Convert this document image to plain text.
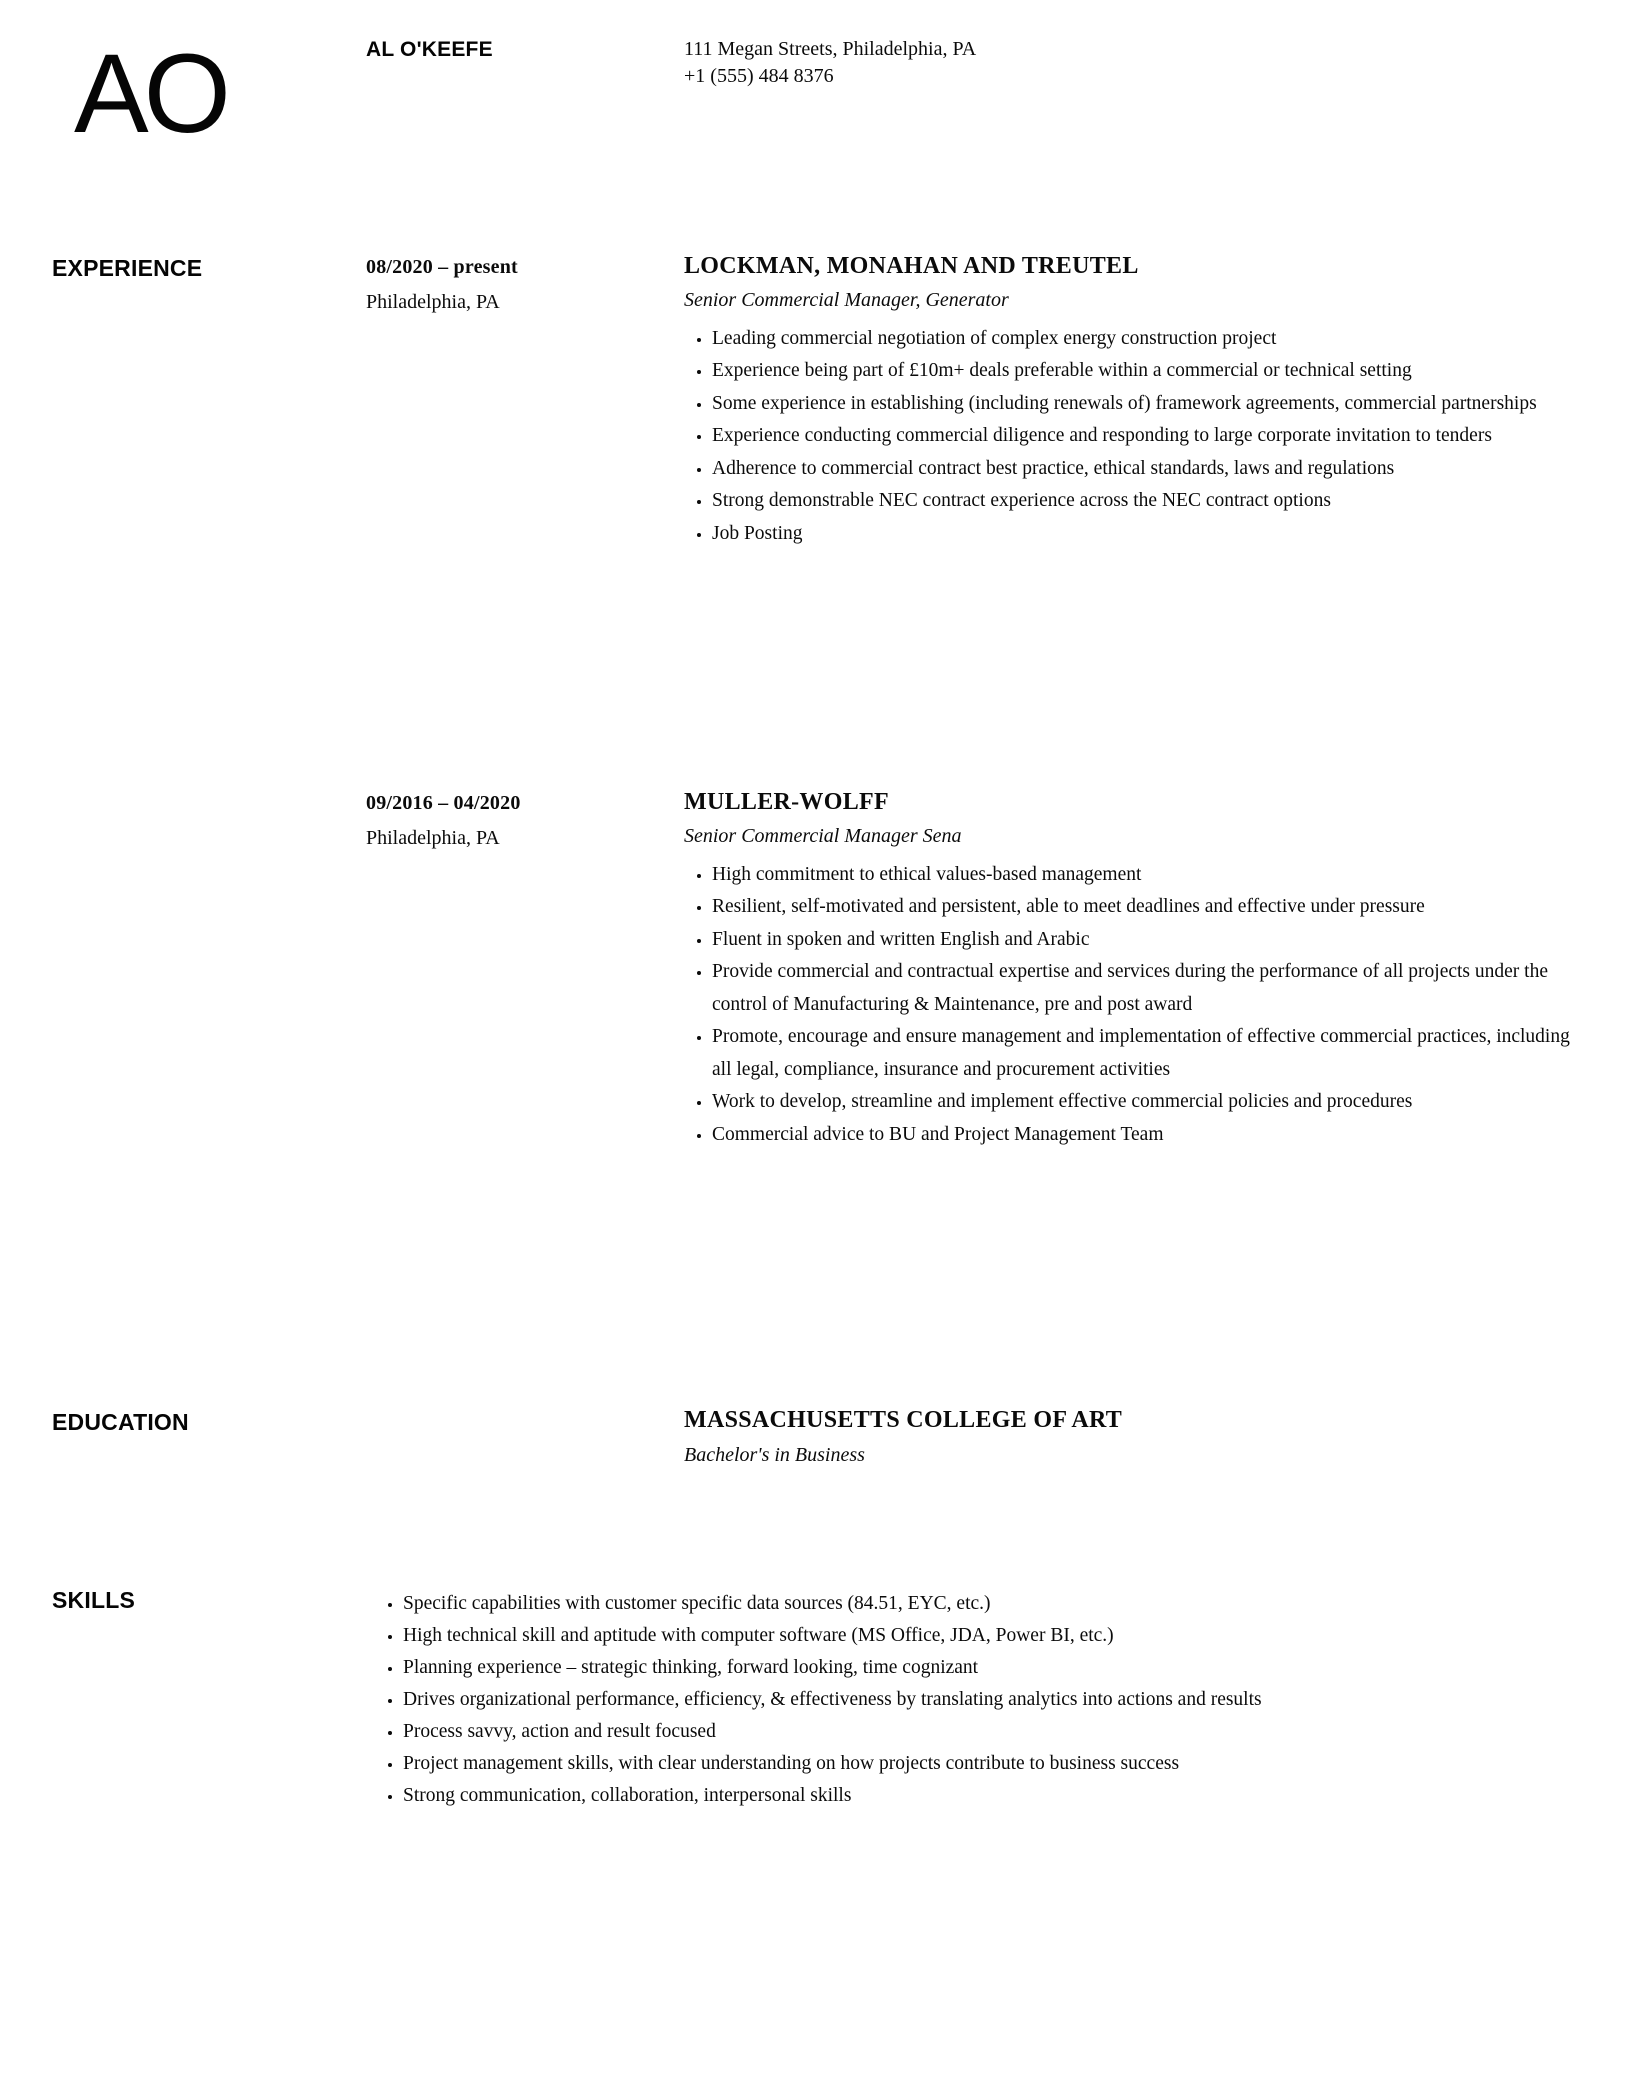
AO	AL O'KEEFE	111 Megan Streets, Philadelphia, PA
+1 (555) 484 8376
EXPERIENCE	08/2020 – present
Philadelphia, PA
LOCKMAN, MONAHAN AND TREUTEL
Senior Commercial Manager, Generator
• Leading commercial negotiation of complex energy construction project
• Experience being part of £10m+ deals preferable within a commercial or technical setting
• Some experience in establishing (including renewals of) framework agreements, commercial partnerships
• Experience conducting commercial diligence and responding to large corporate invitation to tenders
• Adherence to commercial contract best practice, ethical standards, laws and regulations
• Strong demonstrable NEC contract experience across the NEC contract options
• Job Posting
09/2016 – 04/2020
Philadelphia, PA
MULLER-WOLFF
Senior Commercial Manager Sena
• High commitment to ethical values-based management
• Resilient, self-motivated and persistent, able to meet deadlines and effective under pressure
• Fluent in spoken and written English and Arabic
• Provide commercial and contractual expertise and services during the performance of all projects under the control of Manufacturing & Maintenance, pre and post award
• Promote, encourage and ensure management and implementation of effective commercial practices, including all legal, compliance, insurance and procurement activities
• Work to develop, streamline and implement effective commercial policies and procedures
• Commercial advice to BU and Project Management Team
EDUCATION	MASSACHUSETTS COLLEGE OF ART
Bachelor's in Business
SKILLS	• Specific capabilities with customer specific data sources (84.51, EYC, etc.)
• High technical skill and aptitude with computer software (MS Office, JDA, Power BI, etc.)
• Planning experience – strategic thinking, forward looking, time cognizant
• Drives organizational performance, efficiency, & effectiveness by translating analytics into actions and results
• Process savvy, action and result focused
• Project management skills, with clear understanding on how projects contribute to business success
• Strong communication, collaboration, interpersonal skills
